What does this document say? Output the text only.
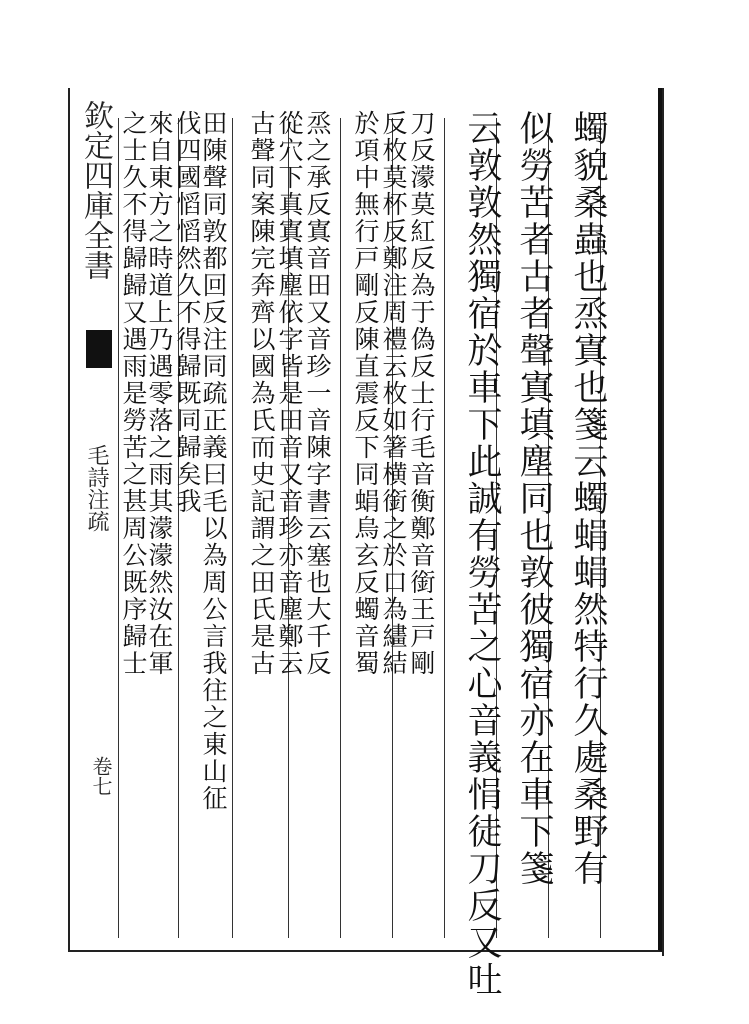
欽定四庫全書
毛詩注疏
卷七	蠋貌桑蟲也烝寘也箋云蠋蜎蜎然特行久處桑野有
似勞苦者古者聲寘填塵同也敦彼獨宿亦在車下箋
云敦敦然獨宿於車下此誠有勞苦之心音義悁徒刀反又吐
刀反濛莫紅反為于偽反士行毛音衡鄭音銜王戸剛
反枚莫杯反鄭注周禮云枚如箸横銜之於口為繣結
於項中無行戸剛反陳直震反下同蜎烏玄反蠋音蜀
烝之承反寘音田又音珍一音陳字書云塞也大千反
從穴下真寘填塵依字皆是田音又音珍亦音塵鄭云
古聲同案陳完奔齊以國為氏而史記謂之田氏是古
田陳聲同敦都回反注同疏正義曰毛以為周公言我往之東山征
伐四國慆慆然久不得歸既同歸矣我
來自東方之時道上乃遇零落之雨其濛濛然汝在軍
之士久不得歸歸又遇雨是勞苦之甚周公既序歸士
